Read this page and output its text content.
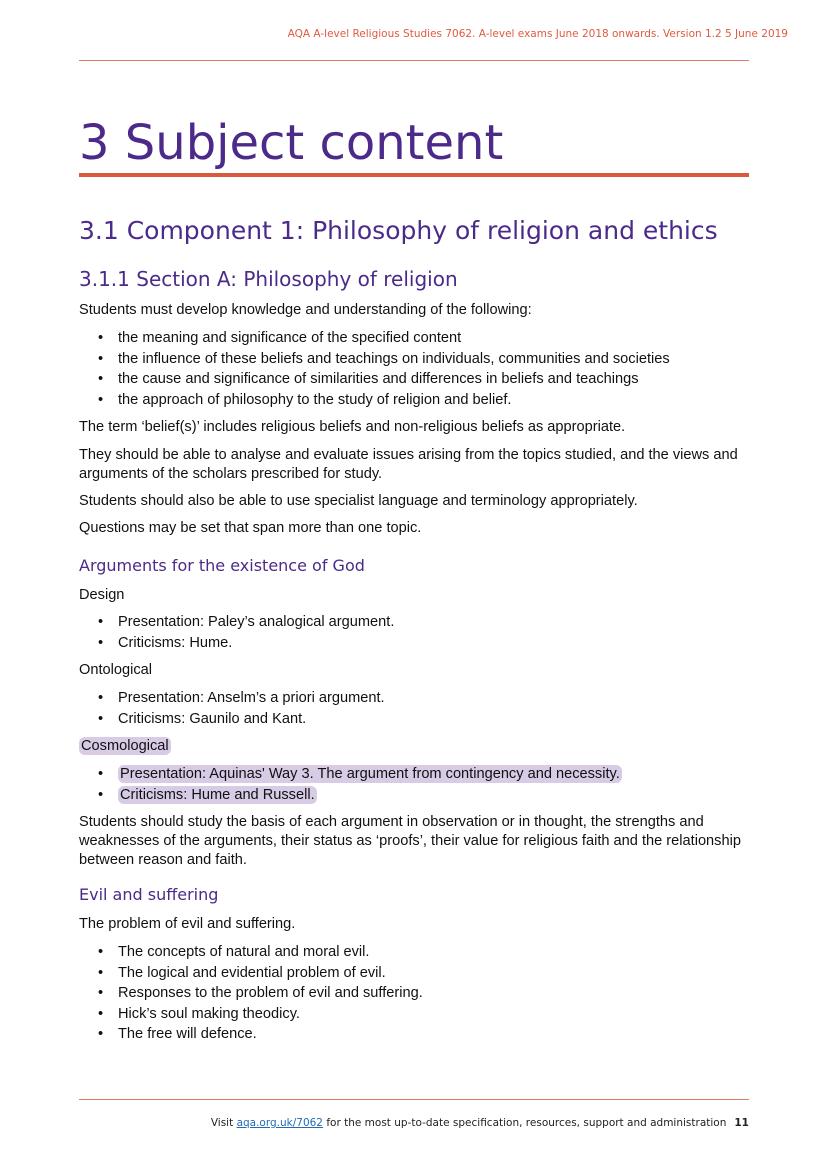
AQA A-level Religious Studies 7062. A-level exams June 2018 onwards. Version 1.2 5 June 2019
3 Subject content
3.1 Component 1: Philosophy of religion and ethics
3.1.1 Section A: Philosophy of religion

Students must develop knowledge and understanding of the following:

• the meaning and significance of the specified content
• the influence of these beliefs and teachings on individuals, communities and societies
• the cause and significance of similarities and differences in beliefs and teachings
• the approach of philosophy to the study of religion and belief.

The term ‘belief(s)’ includes religious beliefs and non-religious beliefs as appropriate.

They should be able to analyse and evaluate issues arising from the topics studied, and the views and arguments of the scholars prescribed for study.

Students should also be able to use specialist language and terminology appropriately.

Questions may be set that span more than one topic.

Arguments for the existence of God

Design

• Presentation: Paley’s analogical argument.
• Criticisms: Hume.

Ontological

• Presentation: Anselm’s a priori argument.
• Criticisms: Gaunilo and Kant.

Cosmological

• Presentation: Aquinas' Way 3. The argument from contingency and necessity.
• Criticisms: Hume and Russell.

Students should study the basis of each argument in observation or in thought, the strengths and weaknesses of the arguments, their status as ‘proofs’, their value for religious faith and the relationship between reason and faith.

Evil and suffering

The problem of evil and suffering.

• The concepts of natural and moral evil.
• The logical and evidential problem of evil.
• Responses to the problem of evil and suffering.
• Hick’s soul making theodicy.
• The free will defence.
Visit aqa.org.uk/7062 for the most up-to-date specification, resources, support and administration 11
